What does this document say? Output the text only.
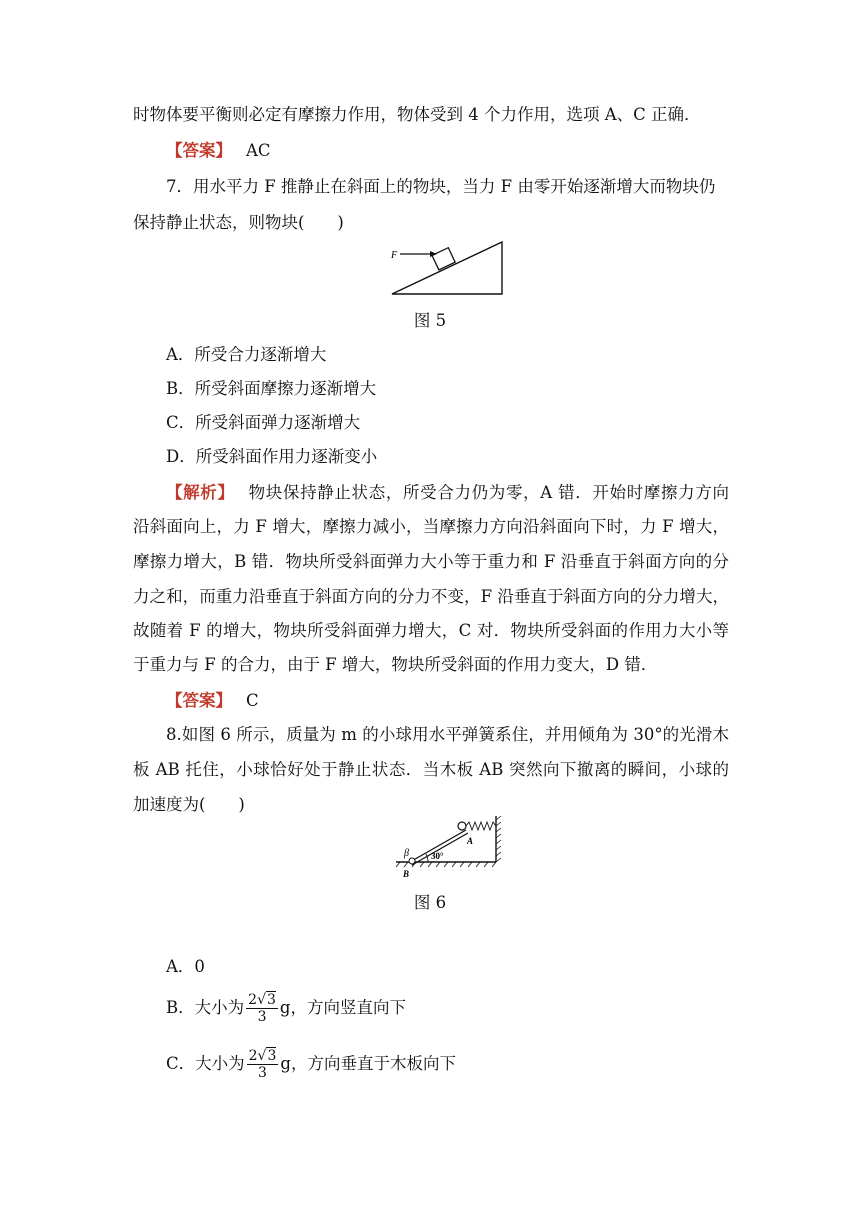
时物体要平衡则必定有摩擦力作用，物体受到 4 个力作用，选项 A、C 正确．
【答案】 AC
7．用水平力 F 推静止在斜面上的物块，当力 F 由零开始逐渐增大而物块仍
保持静止状态，则物块(　　)
F
图 5
A．所受合力逐渐增大
B．所受斜面摩擦力逐渐增大
C．所受斜面弹力逐渐增大
D．所受斜面作用力逐渐变小
【解析】 物块保持静止状态，所受合力仍为零，A 错．开始时摩擦力方向
沿斜面向上，力 F 增大，摩擦力减小，当摩擦力方向沿斜面向下时，力 F 增大，
摩擦力增大，B 错．物块所受斜面弹力大小等于重力和 F 沿垂直于斜面方向的分
力之和，而重力沿垂直于斜面方向的分力不变，F 沿垂直于斜面方向的分力增大，
故随着 F 的增大，物块所受斜面弹力增大，C 对．物块所受斜面的作用力大小等
于重力与 F 的合力，由于 F 增大，物块所受斜面的作用力变大，D 错．
【答案】 C
8.如图 6 所示，质量为 m 的小球用水平弹簧系住，并用倾角为 30°的光滑木
板 AB 托住，小球恰好处于静止状态．当木板 AB 突然向下撤离的瞬间，小球的
加速度为(　　)
β
A
B
30°
图 6
A．0
B．大小为 $\frac{2√3}{3}$ g，方向竖直向下
C．大小为 $\frac{2√3}{3}$ g，方向垂直于木板向下
